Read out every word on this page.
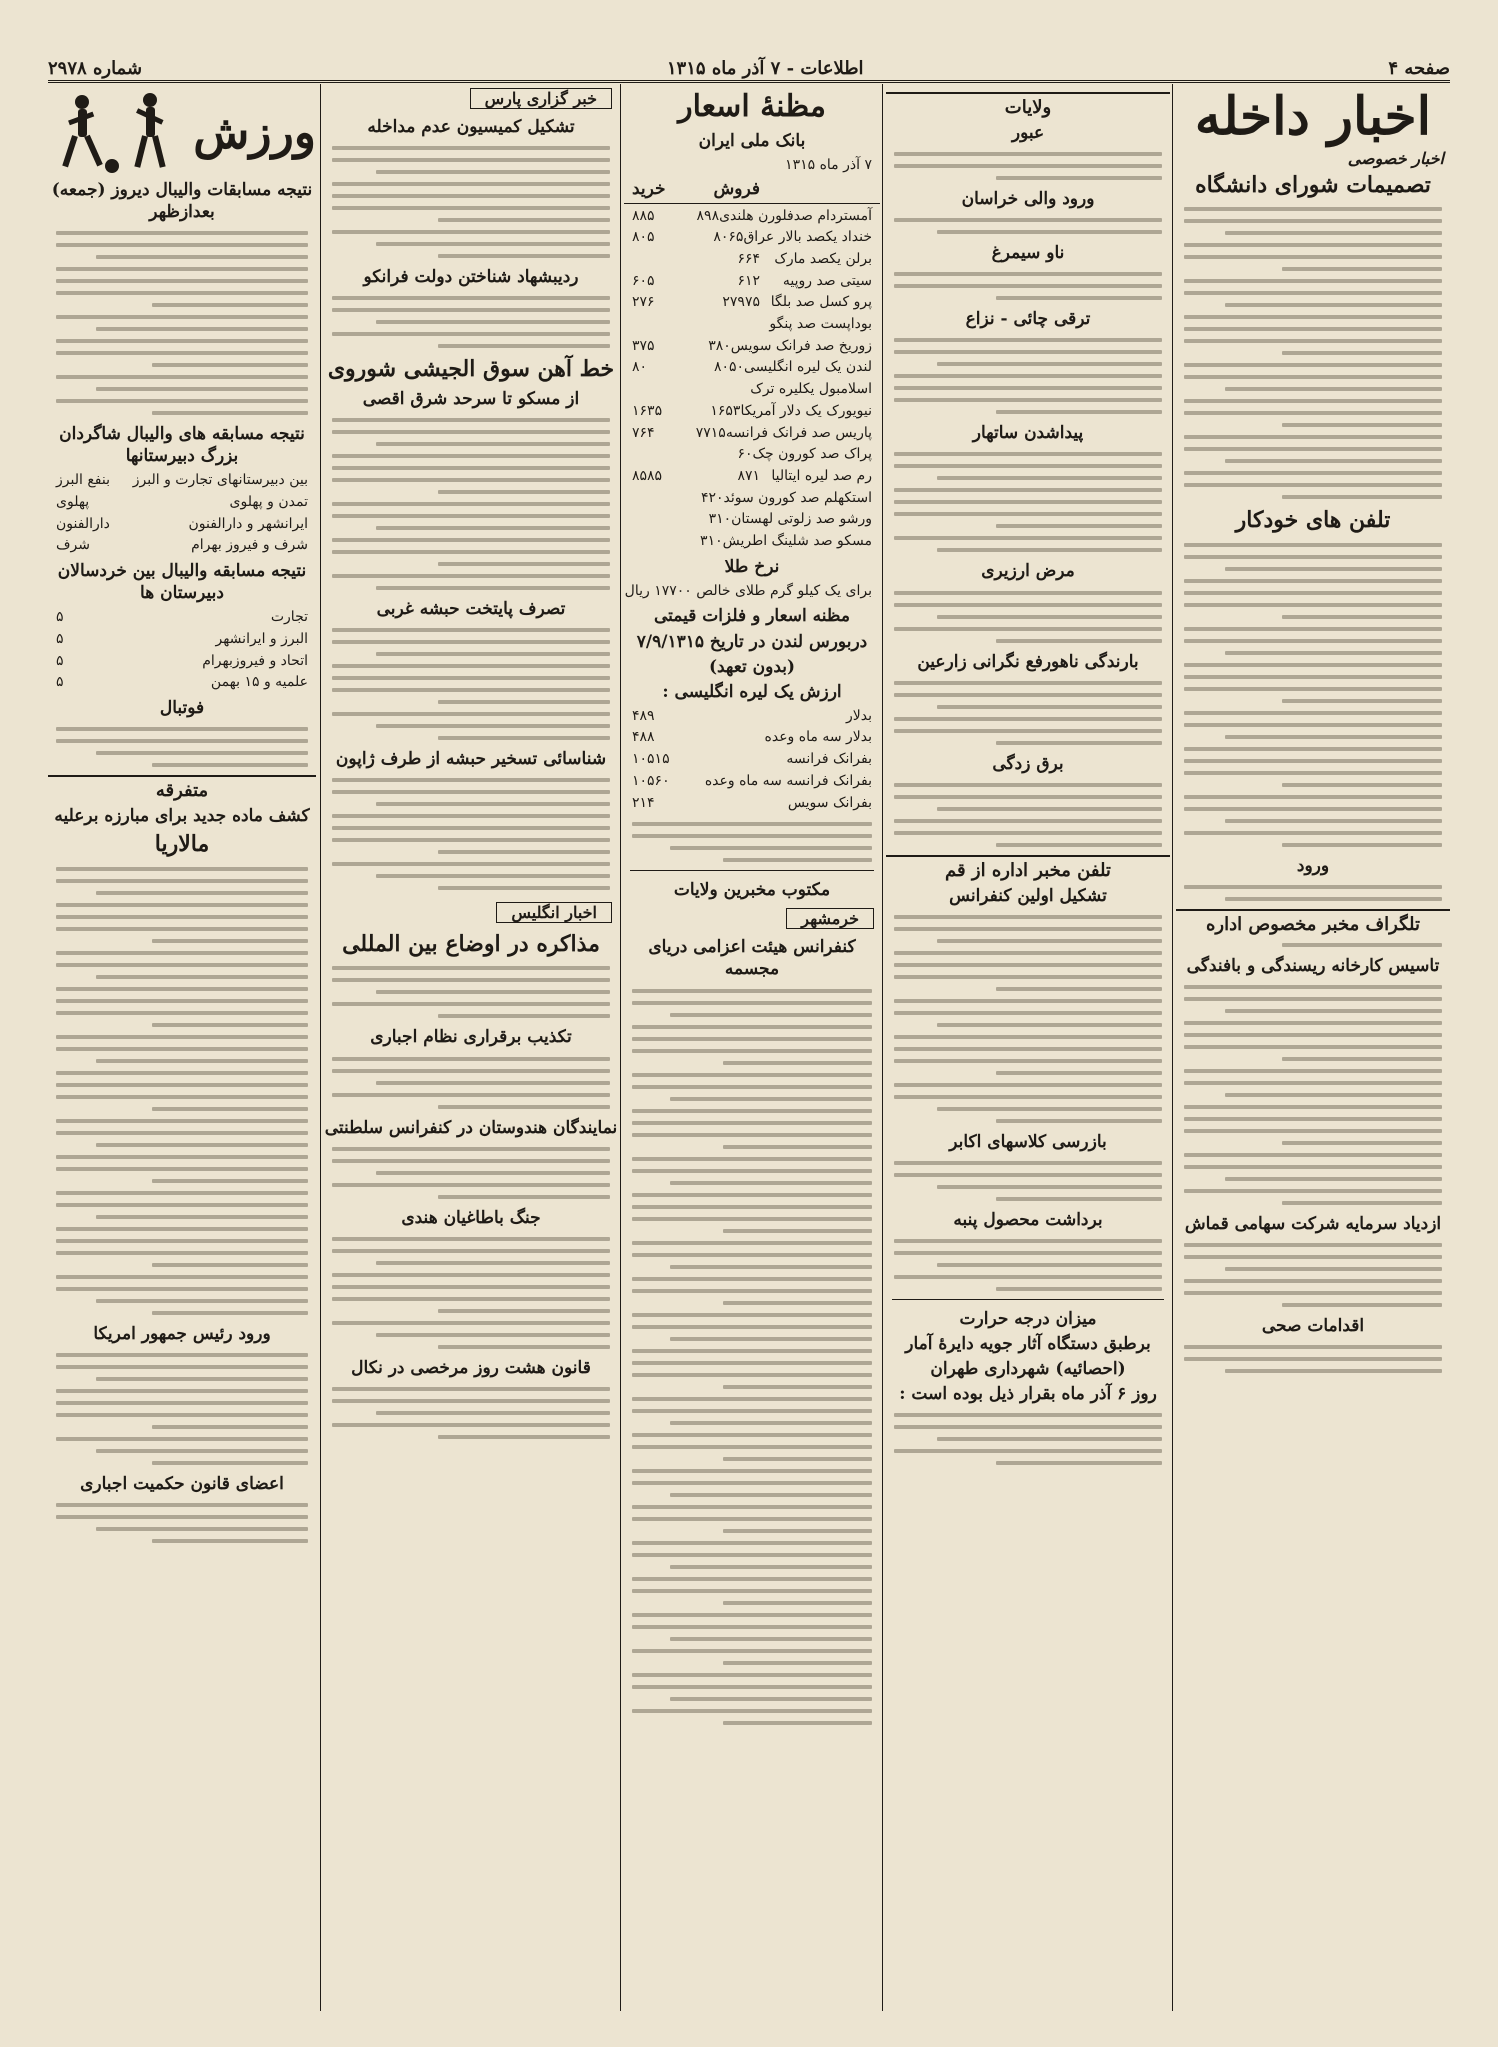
صفحه ۴
اطلاعات - ۷ آذر ماه ۱۳۱۵
شماره ۲۹۷۸
اخبار داخله
اخبار خصوصی
تصمیمات شورای دانشگاه
تلفن های خودکار
ورود
تلگراف مخبر مخصوص اداره
تاسیس کارخانه ریسندگی و بافندگی
ازدیاد سرمایه شرکت سهامی قماش
اقدامات صحی
ولایات
عبور
ورود والی خراسان
ناو سیمرغ
ترقی چائی - نزاع
پیداشدن ساتهار
مرض ارزیری
بارندگی ناهورفع نگرانی زارعین
برق زدگی
تلفن مخبر اداره از قم
تشکیل اولین کنفرانس
بازرسی کلاسهای اکابر
برداشت محصول پنبه
میزان درجه حرارت
برطبق دستگاه آثار جویه دایرهٔ آمار
(احصائیه) شهرداری طهران
روز ۶ آذر ماه بقرار ذیل بوده است :
مظنهٔ اسعار
بانک ملی ایران
۷ آذر ماه ۱۳۱۵
فروش
خرید
آمستردام صدفلورن هلندی
۸۹۸
۸۸۵
خنداد یکصد بالار عراق
۸۰۶۵
۸۰۵
برلن یکصد مارک
۶۶۴
سیتی صد روپیه
۶۱۲
۶۰۵
پرو کسل صد بلگا
۲۷۹۷۵
۲۷۶
بوداپست صد پنگو
زوریخ صد فرانک سویس
۳۸۰
۳۷۵
لندن یک لیره انگلیسی
۸۰۵۰
۸۰
اسلامبول یکلیره ترک
نیویورک یک دلار آمریکا
۱۶۵۳
۱۶۳۵
پاریس صد فرانک فرانسه
۷۷۱۵
۷۶۴
پراک صد کورون چک
۶۰
رم صد لیره ایتالیا
۸۷۱
۸۵۸۵
استکهلم صد کورون سوئد
۴۲۰
ورشو صد زلوتی لهستان
۳۱۰
مسکو صد شلینگ اطریش
۳۱۰
نرخ طلا
برای یک کیلو گرم طلای خالص ۱۷۷۰۰ ریال
مظنه اسعار و فلزات قیمتی
دربورس لندن در تاریخ ۷/۹/۱۳۱۵
(بدون تعهد)
ارزش یک لیره انگلیسی :
بدلار
۴۸۹
بدلار سه ماه وعده
۴۸۸
بفرانک فرانسه
۱۰۵۱۵
بفرانک فرانسه سه ماه وعده
۱۰۵۶۰
بفرانک سویس
۲۱۴
مکتوب مخبرین ولایات
خرمشهر
کنفرانس هیئت اعزامی دریای مجسمه
خبر گزاری پارس
تشکیل کمیسیون عدم مداخله
ردیبشهاد شناختن دولت فرانکو
خط آهن سوق الجیشی شوروی
از مسکو تا سرحد شرق اقصی
تصرف پایتخت حبشه غربی
شناسائی تسخیر حبشه از طرف ژاپون
اخبار انگلیس
مذاکره در اوضاع بین المللی
تکذیب برقراری نظام اجباری
نمایندگان هندوستان در کنفرانس سلطنتی
جنگ باطاغیان هندی
قانون هشت روز مرخصی در نکال
ورزش
نتیجه مسابقات والیبال دیروز (جمعه) بعدازظهر
نتیجه مسابقه های والیبال شاگردان بزرگ دبیرستانها
بین دبیرستانهای تجارت و البرز
بنفع البرز
تمدن و پهلوی
پهلوی
ایرانشهر و دارالفنون
دارالفنون
شرف و فیروز بهرام
شرف
نتیجه مسابقه والیبال بین خردسالان دبیرستان ها
تجارت
۵
البرز و ایرانشهر
۵
اتحاد و فیروزبهرام
۵
علمیه و ۱۵ بهمن
۵
فوتبال
متفرقه
کشف ماده جدید برای مبارزه برعلیه
مالاریا
ورود رئیس جمهور امریکا
اعضای قانون حکمیت اجباری
